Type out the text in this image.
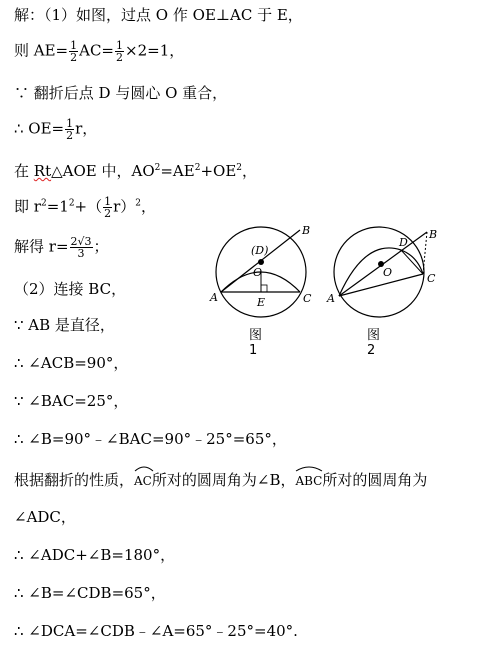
解：（1）如图，过点 O 作 OE⊥AC 于 E，
则 $AE= \frac{1}{2} AC= \frac{1}{2} \times 2=1$，
∵ 翻折后点 D 与圆心 O 重合，
∴ $OE= \frac{1}{2}$ r，
在 Rt△AOE 中，$AO^2=AE^2+OE^2$，
即 $r^2=1^2+( \frac{1}{2} r)^2$，
解得 $r= \frac{2√3}{3}$ ；
（2）连接 BC，
∵ AB 是直径，
∴ ∠ACB=90°，
∵ ∠BAC=25°，
∴ ∠B=90°﹣∠BAC=90°﹣25°=65°，
根据翻折的性质，
AC所对的圆周角为∠B，
ABC所对的圆周角为
∠ADC，
∴ ∠ADC+∠B=180°，
∴ ∠B=∠CDB=65°，
∴ ∠DCA=∠CDB﹣∠A=65°﹣25°=40°.
A
B
C
(D)
O
E	A
B
C
D
O
图 1
图 2
